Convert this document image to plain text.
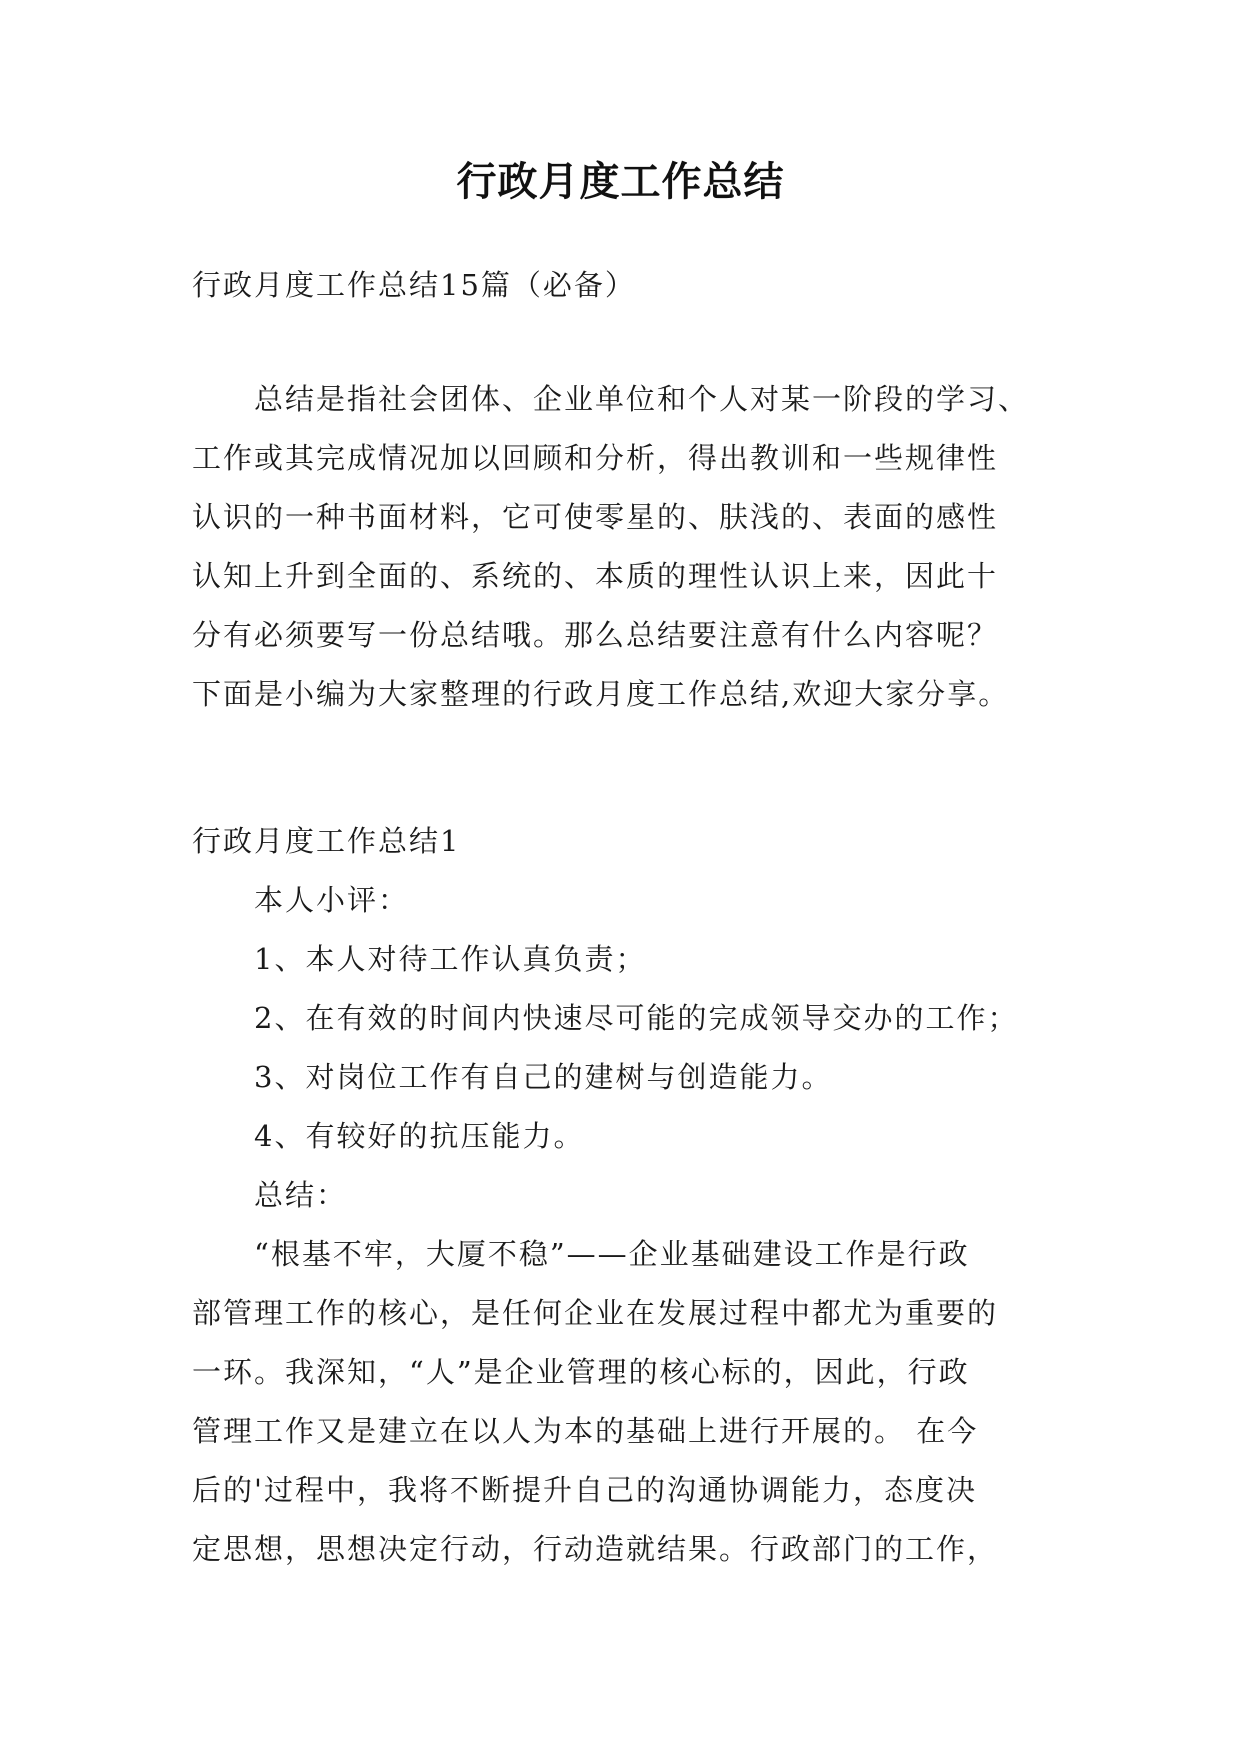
行政月度工作总结
行政月度工作总结15篇（必备）
总结是指社会团体、企业单位和个人对某一阶段的学习、
工作或其完成情况加以回顾和分析，得出教训和一些规律性
认识的一种书面材料，它可使零星的、肤浅的、表面的感性
认知上升到全面的、系统的、本质的理性认识上来，因此十
分有必须要写一份总结哦。那么总结要注意有什么内容呢？
下面是小编为大家整理的行政月度工作总结,欢迎大家分享。
行政月度工作总结1
本人小评：
1、本人对待工作认真负责；
2、在有效的时间内快速尽可能的完成领导交办的工作；
3、对岗位工作有自己的建树与创造能力。
4、有较好的抗压能力。
总结：
“根基不牢，大厦不稳”——企业基础建设工作是行政
部管理工作的核心，是任何企业在发展过程中都尤为重要的
一环。我深知，“人”是企业管理的核心标的，因此，行政
管理工作又是建立在以人为本的基础上进行开展的。 在今
后的'过程中，我将不断提升自己的沟通协调能力，态度决
定思想，思想决定行动，行动造就结果。行政部门的工作，
